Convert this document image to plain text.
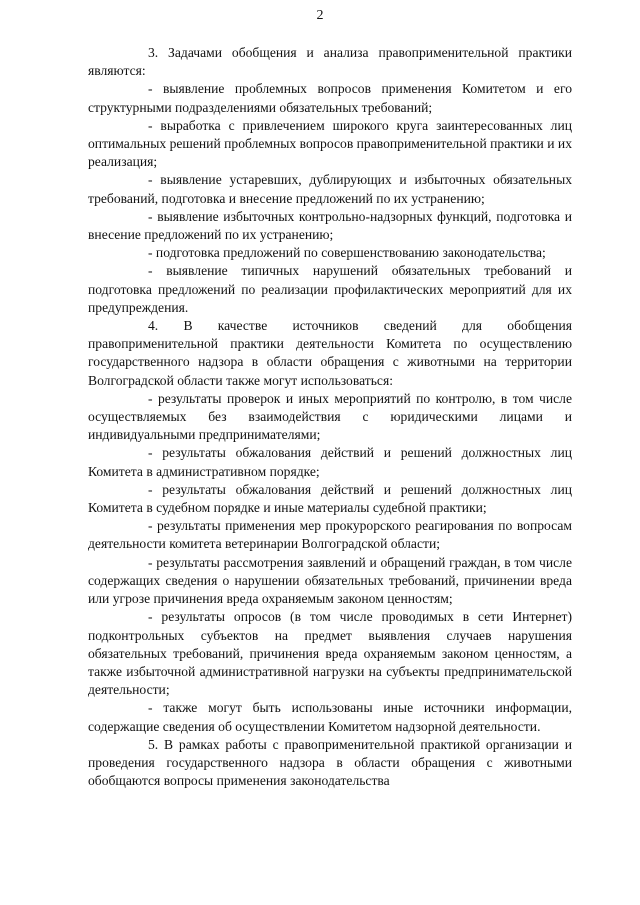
2

3. Задачами обобщения и анализа правоприменительной практики являются:

- выявление проблемных вопросов применения Комитетом и его структурными подразделениями обязательных требований;

- выработка с привлечением широкого круга заинтересованных лиц оптимальных решений проблемных вопросов правоприменительной практики и их реализация;

- выявление устаревших, дублирующих и избыточных обязательных требований, подготовка и внесение предложений по их устранению;

- выявление избыточных контрольно-надзорных функций, подготовка и внесение предложений по их устранению;

- подготовка предложений по совершенствованию законодательства;

- выявление типичных нарушений обязательных требований и подготовка предложений по реализации профилактических мероприятий для их предупреждения.

4. В качестве источников сведений для обобщения правоприменительной практики деятельности Комитета по осуществлению государственного надзора в области обращения с животными на территории Волгоградской области также могут использоваться:

- результаты проверок и иных мероприятий по контролю, в том числе осуществляемых без взаимодействия с юридическими лицами и индивидуальными предпринимателями;

- результаты обжалования действий и решений должностных лиц Комитета в административном порядке;

- результаты обжалования действий и решений должностных лиц Комитета в судебном порядке и иные материалы судебной практики;

- результаты применения мер прокурорского реагирования по вопросам деятельности комитета ветеринарии Волгоградской области;

- результаты рассмотрения заявлений и обращений граждан, в том числе содержащих сведения о нарушении обязательных требований, причинении вреда или угрозе причинения вреда охраняемым законом ценностям;

- результаты опросов (в том числе проводимых в сети Интернет) подконтрольных субъектов на предмет выявления случаев нарушения обязательных требований, причинения вреда охраняемым законом ценностям, а также избыточной административной нагрузки на субъекты предпринимательской деятельности;

- также могут быть использованы иные источники информации, содержащие сведения об осуществлении Комитетом надзорной деятельности.

5. В рамках работы с правоприменительной практикой организации и проведения государственного надзора в области обращения с животными обобщаются вопросы применения законодательства
